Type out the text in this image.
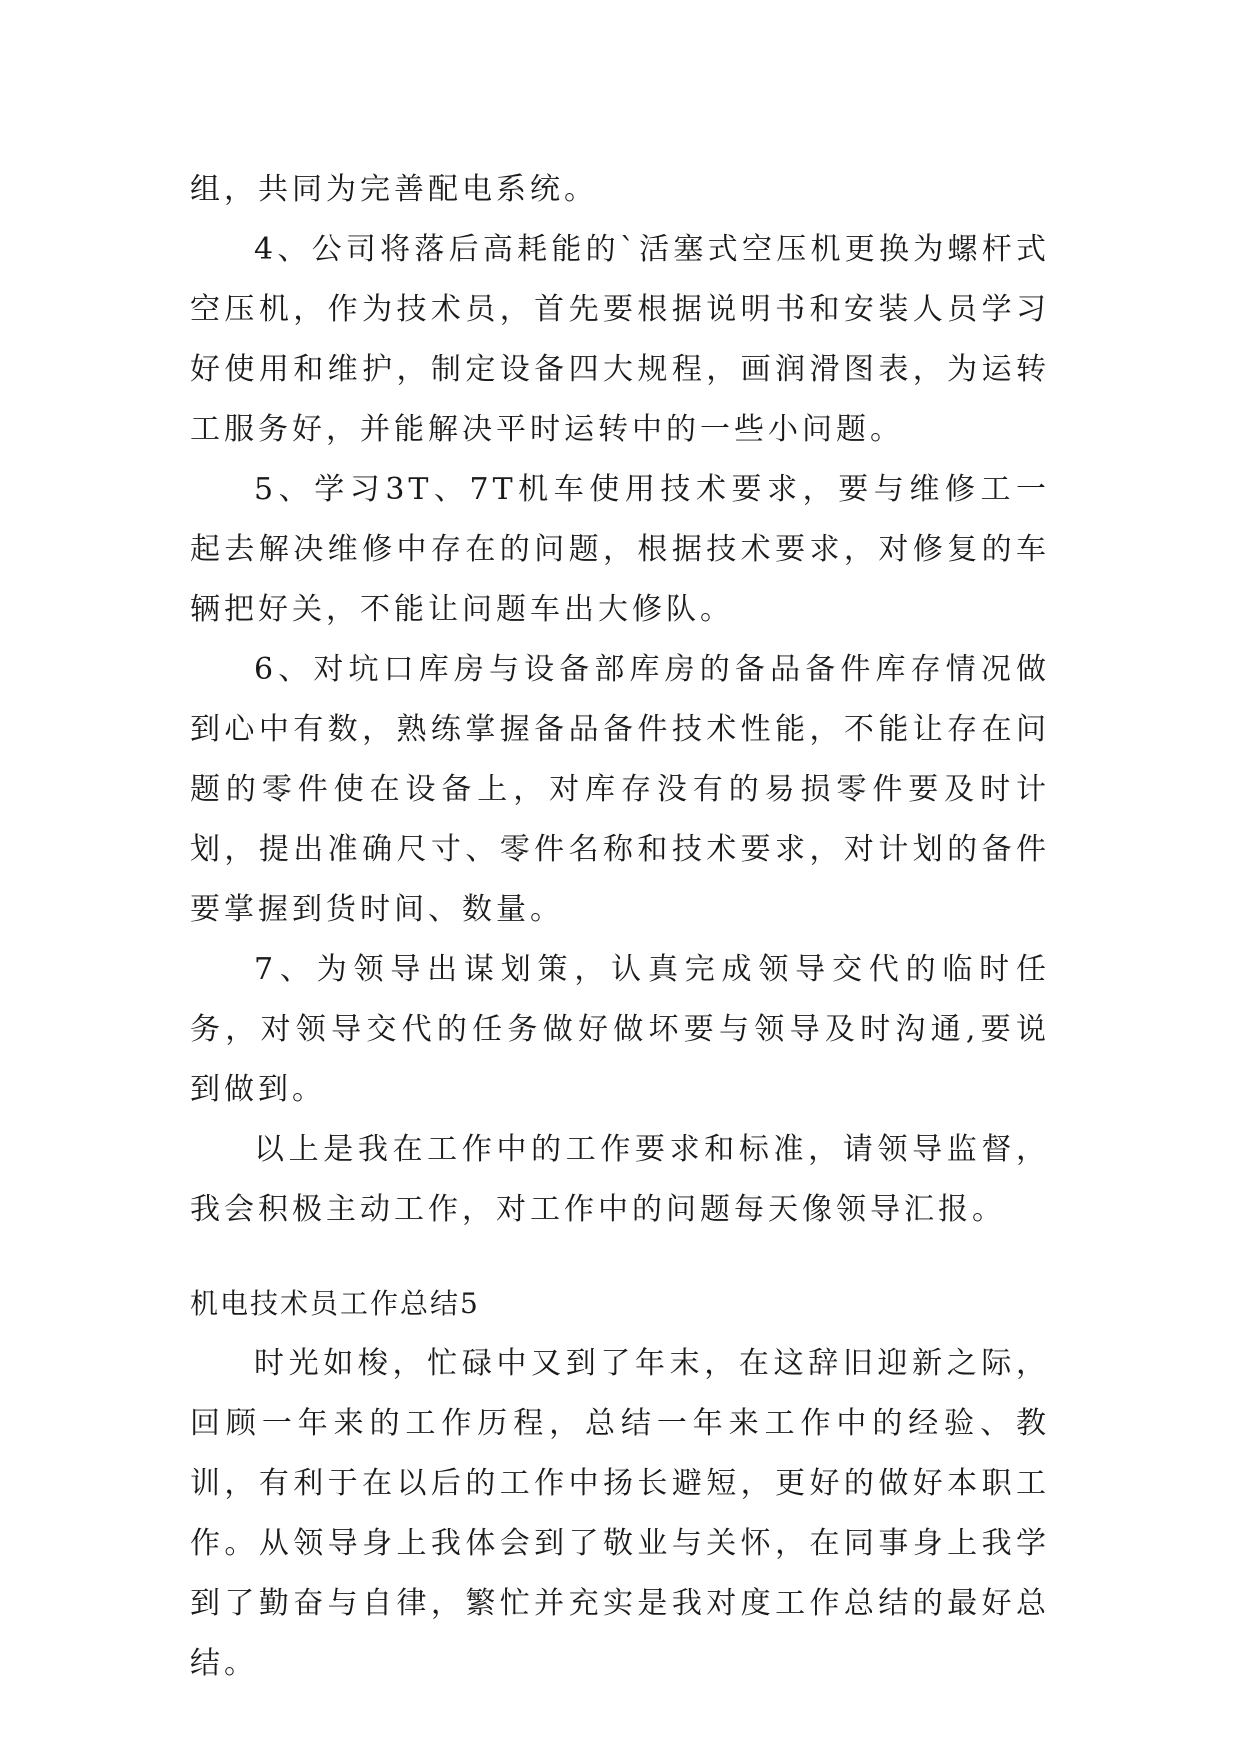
组，共同为完善配电系统。

4、公司将落后高耗能的`活塞式空压机更换为螺杆式空压机，作为技术员，首先要根据说明书和安装人员学习好使用和维护，制定设备四大规程，画润滑图表，为运转工服务好，并能解决平时运转中的一些小问题。

5、学习3T、7T机车使用技术要求，要与维修工一起去解决维修中存在的问题，根据技术要求，对修复的车辆把好关，不能让问题车出大修队。

6、对坑口库房与设备部库房的备品备件库存情况做到心中有数，熟练掌握备品备件技术性能，不能让存在问题的零件使在设备上，对库存没有的易损零件要及时计划，提出准确尺寸、零件名称和技术要求，对计划的备件要掌握到货时间、数量。

7、为领导出谋划策，认真完成领导交代的临时任务，对领导交代的任务做好做坏要与领导及时沟通,要说到做到。

以上是我在工作中的工作要求和标准，请领导监督，我会积极主动工作，对工作中的问题每天像领导汇报。

机电技术员工作总结5

时光如梭，忙碌中又到了年末，在这辞旧迎新之际，回顾一年来的工作历程，总结一年来工作中的经验、教训，有利于在以后的工作中扬长避短，更好的做好本职工作。从领导身上我体会到了敬业与关怀，在同事身上我学到了勤奋与自律，繁忙并充实是我对度工作总结的最好总结。
